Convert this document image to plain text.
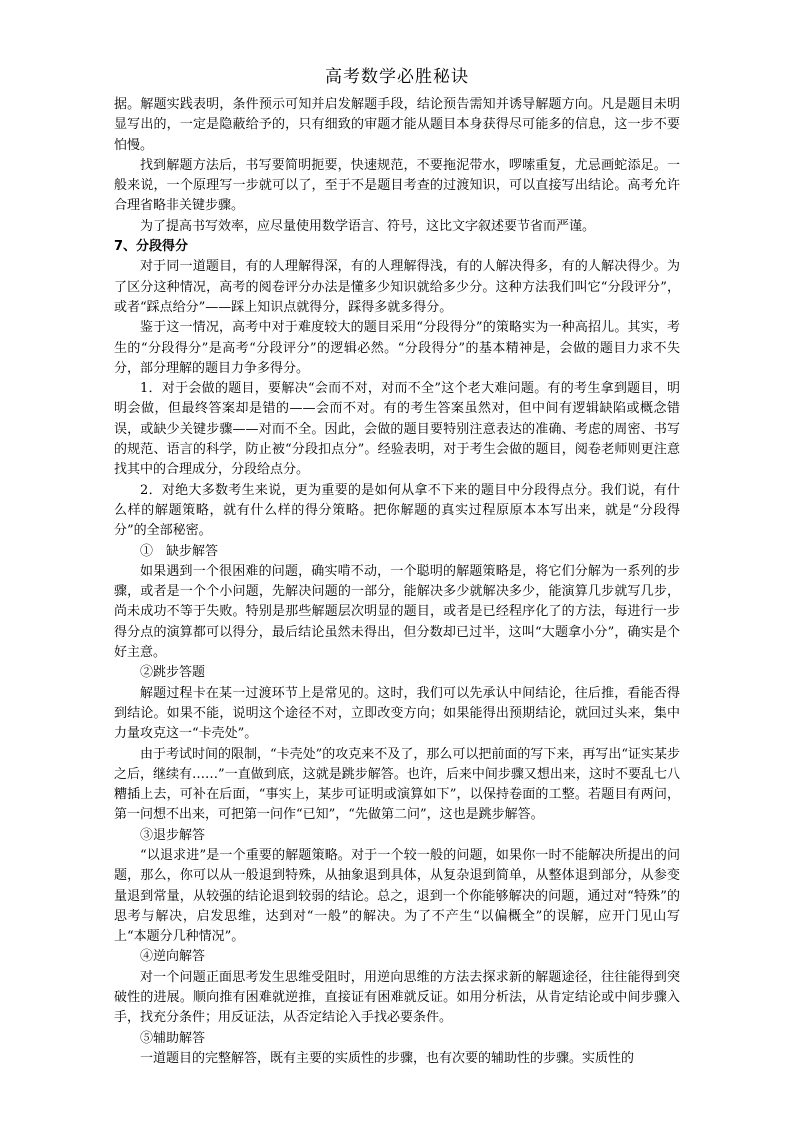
高考数学必胜秘诀

据。解题实践表明，条件预示可知并启发解题手段，结论预告需知并诱导解题方向。凡是题目未明显写出的，一定是隐蔽给予的，只有细致的审题才能从题目本身获得尽可能多的信息，这一步不要怕慢。

找到解题方法后，书写要简明扼要，快速规范，不要拖泥带水，啰嗦重复，尤忌画蛇添足。一般来说，一个原理写一步就可以了，至于不是题目考查的过渡知识，可以直接写出结论。高考允许合理省略非关键步骤。

为了提高书写效率，应尽量使用数学语言、符号，这比文字叙述要节省而严谨。

7、分段得分

对于同一道题目，有的人理解得深，有的人理解得浅，有的人解决得多，有的人解决得少。为了区分这种情况，高考的阅卷评分办法是懂多少知识就给多少分。这种方法我们叫它“分段评分”，或者“踩点给分”——踩上知识点就得分，踩得多就多得分。

鉴于这一情况，高考中对于难度较大的题目采用“分段得分”的策略实为一种高招儿。其实，考生的“分段得分”是高考“分段评分”的逻辑必然。“分段得分”的基本精神是，会做的题目力求不失分，部分理解的题目力争多得分。

1．对于会做的题目，要解决“会而不对，对而不全”这个老大难问题。有的考生拿到题目，明明会做，但最终答案却是错的——会而不对。有的考生答案虽然对，但中间有逻辑缺陷或概念错误，或缺少关键步骤——对而不全。因此，会做的题目要特别注意表达的准确、考虑的周密、书写的规范、语言的科学，防止被“分段扣点分”。经验表明，对于考生会做的题目，阅卷老师则更注意找其中的合理成分，分段给点分。

2．对绝大多数考生来说，更为重要的是如何从拿不下来的题目中分段得点分。我们说，有什么样的解题策略，就有什么样的得分策略。把你解题的真实过程原原本本写出来，就是“分段得分”的全部秘密。

①　缺步解答

如果遇到一个很困难的问题，确实啃不动，一个聪明的解题策略是，将它们分解为一系列的步骤，或者是一个个小问题，先解决问题的一部分，能解决多少就解决多少，能演算几步就写几步，尚未成功不等于失败。特别是那些解题层次明显的题目，或者是已经程序化了的方法，每进行一步得分点的演算都可以得分，最后结论虽然未得出，但分数却已过半，这叫“大题拿小分”，确实是个好主意。

②跳步答题

解题过程卡在某一过渡环节上是常见的。这时，我们可以先承认中间结论，往后推，看能否得到结论。如果不能，说明这个途径不对，立即改变方向；如果能得出预期结论，就回过头来，集中力量攻克这一“卡壳处”。

由于考试时间的限制，“卡壳处”的攻克来不及了，那么可以把前面的写下来，再写出“证实某步之后，继续有……”一直做到底，这就是跳步解答。也许，后来中间步骤又想出来，这时不要乱七八糟插上去，可补在后面，“事实上，某步可证明或演算如下”，以保持卷面的工整。若题目有两问，第一问想不出来，可把第一问作“已知”，“先做第二问”，这也是跳步解答。

③退步解答

“以退求进”是一个重要的解题策略。对于一个较一般的问题，如果你一时不能解决所提出的问题，那么，你可以从一般退到特殊，从抽象退到具体，从复杂退到简单，从整体退到部分，从参变量退到常量，从较强的结论退到较弱的结论。总之，退到一个你能够解决的问题，通过对“特殊”的思考与解决，启发思维，达到对“一般”的解决。为了不产生“以偏概全”的误解，应开门见山写上“本题分几种情况”。

④逆向解答

对一个问题正面思考发生思维受阻时，用逆向思维的方法去探求新的解题途径，往往能得到突破性的进展。顺向推有困难就逆推，直接证有困难就反证。如用分析法，从肯定结论或中间步骤入手，找充分条件；用反证法，从否定结论入手找必要条件。

⑤辅助解答

一道题目的完整解答，既有主要的实质性的步骤，也有次要的辅助性的步骤。实质性的
